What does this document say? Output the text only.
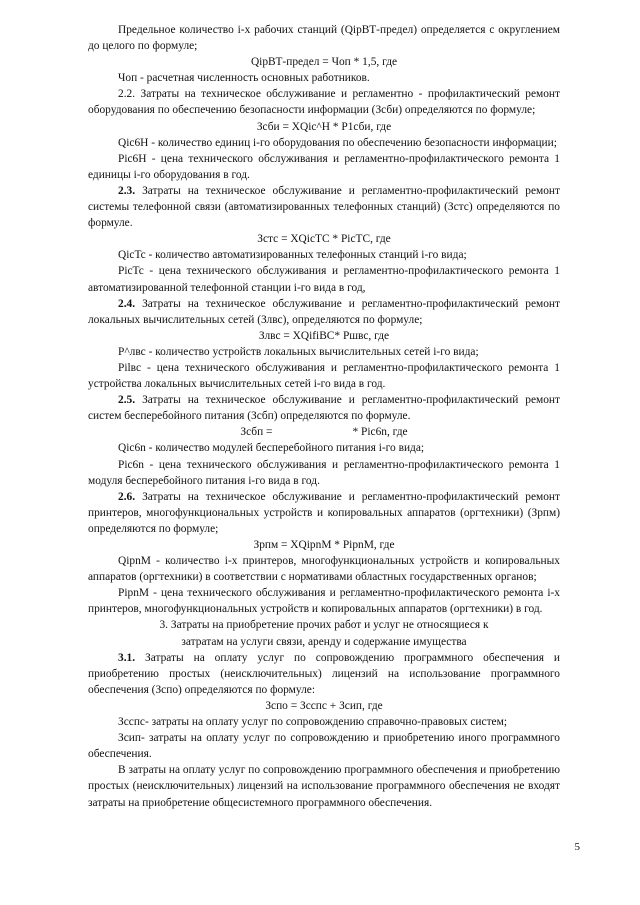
Предельное количество i-х рабочих станций (QipВТ-предел) определяется с округлением до целого по формуле;

QipВТ-предел = Чоп * 1,5, где

Чоп - расчетная численность основных работников.

2.2. Затраты на техническое обслуживание и регламентно - профилактический ремонт оборудования по обеспечению безопасности информации (Зсби) определяются по формуле;

Зсби = XQic^H * Р1сби, где

Qic6H - количество единиц i-го оборудования по обеспечению безопасности информации;

Pic6H - цена технического обслуживания и регламентно-профилактического ремонта 1 единицы i-го оборудования в год.

2.3. Затраты на техническое обслуживание и регламентно-профилактический ремонт системы телефонной связи (автоматизированных телефонных станций) (Зстс) определяются по формуле.

Зстс = XQicTC * PicTC, где

QicTc - количество автоматизированных телефонных станций i-го вида;

PicTc - цена технического обслуживания и регламентно-профилактического ремонта 1 автоматизированной телефонной станции i-го вида в год,

2.4. Затраты на техническое обслуживание и регламентно-профилактический ремонт локальных вычислительных сетей (Злвс), определяются по формуле;

Злвс = XQifiBC* Ршвс, где

Р^лвс - количество устройств локальных вычислительных сетей i-го вида;

Pilвс - цена технического обслуживания и регламентно-профилактического ремонта 1 устройства локальных вычислительных сетей i-го вида в год.

2.5. Затраты на техническое обслуживание и регламентно-профилактический ремонт систем бесперебойного питания (Зсбп) определяются по формуле.

Зсбп =	* Pic6n, где

Qic6n - количество модулей бесперебойного питания i-го вида;

Pic6n - цена технического обслуживания и регламентно-профилактического ремонта 1 модуля бесперебойного питания i-го вида в год.

2.6. Затраты на техническое обслуживание и регламентно-профилактический ремонт принтеров, многофункциональных устройств и копировальных аппаратов (оргтехники) (Зрпм) определяются по формуле;

Зрпм = XQipnM * PipnM, где

QipnM - количество i-х принтеров, многофункциональных устройств и копировальных аппаратов (оргтехники) в соответствии с нормативами областных государственных органов;

PipnM - цена технического обслуживания и регламентно-профилактического ремонта i-х принтеров, многофункциональных устройств и копировальных аппаратов (оргтехники) в год.

3. Затраты на приобретение прочих работ и услуг не относящиеся к

затратам на услуги связи, аренду и содержание имущества

3.1. Затраты на оплату услуг по сопровождению программного обеспечения и приобретению простых (неисключительных) лицензий на использование программного обеспечения (Зспо) определяются по формуле:

Зспо = Зсспс + Зсип, где

Зсспс- затраты на оплату услуг по сопровождению справочно-правовых систем;

Зсип- затраты на оплату услуг по сопровождению и приобретению иного программного обеспечения.

В затраты на оплату услуг по сопровождению программного обеспечения и приобретению простых (неисключительных) лицензий на использование программного обеспечения не входят затраты на приобретение общесистемного программного обеспечения.

5
